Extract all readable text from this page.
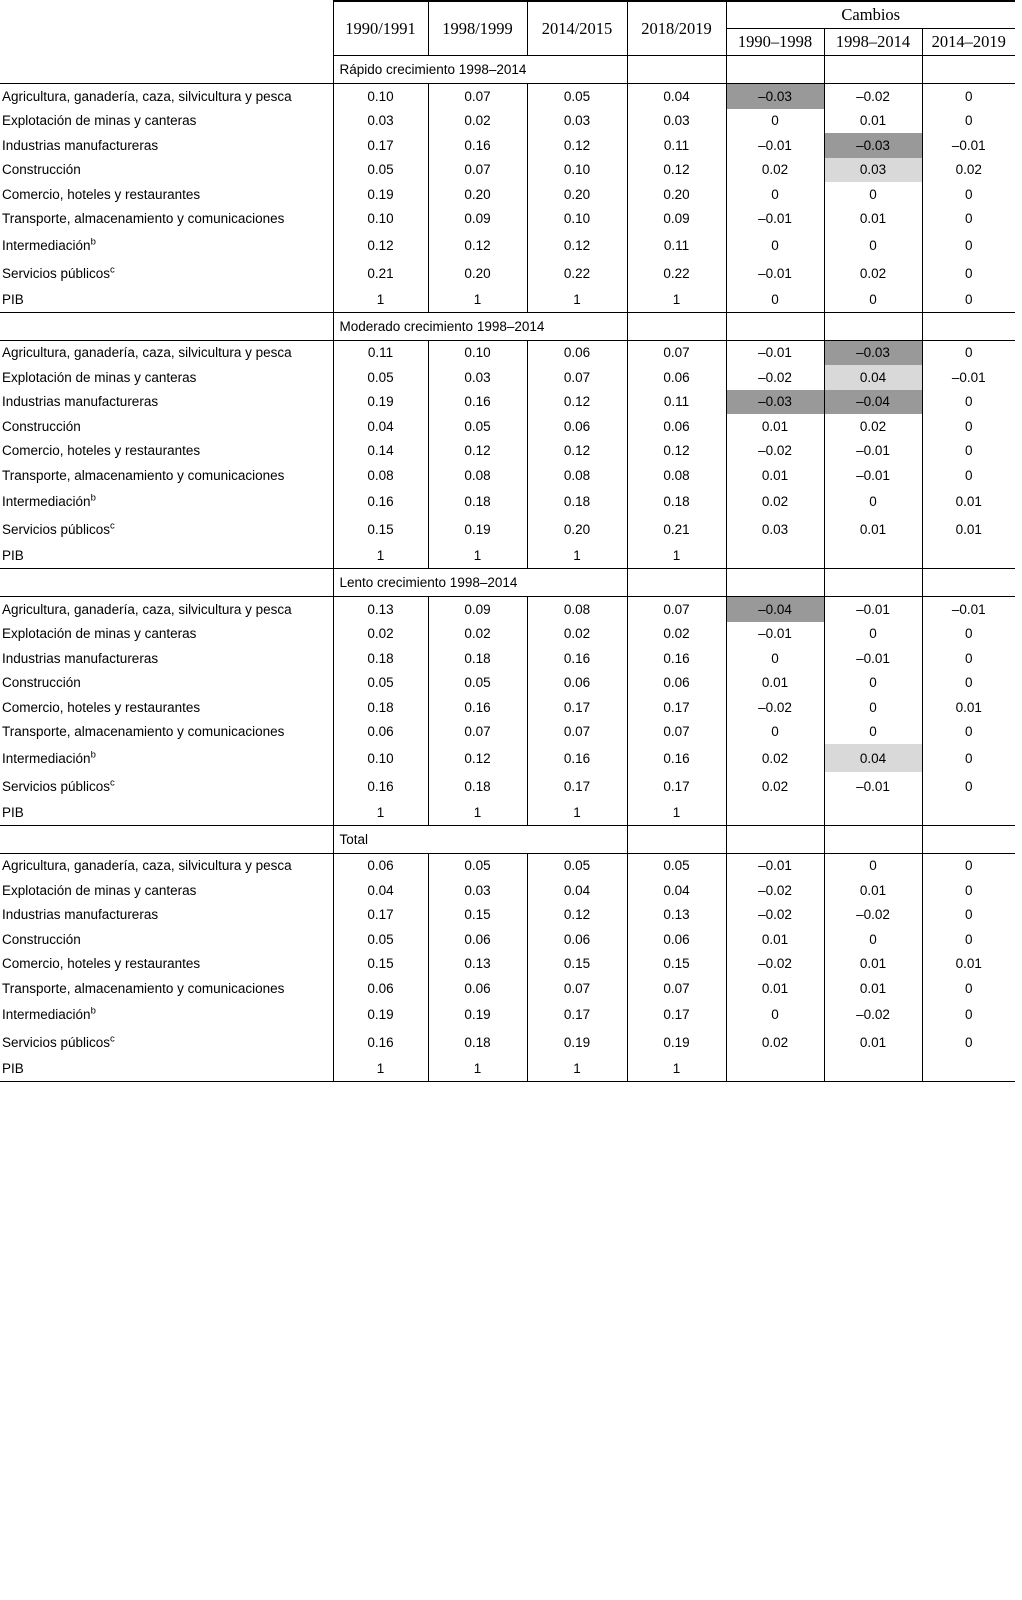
	1990/1991	1998/1999	2014/2015	2018/2019	Cambios		
					1990–1998	1998–2014	2014–2019
	Rápido crecimiento 1998–2014						
Agricultura, ganadería, caza, silvicultura y pesca	0.10	0.07	0.05	0.04	–0.03	–0.02	0
Explotación de minas y canteras	0.03	0.02	0.03	0.03	0	0.01	0
Industrias manufactureras	0.17	0.16	0.12	0.11	–0.01	–0.03	–0.01
Construcción	0.05	0.07	0.10	0.12	0.02	0.03	0.02
Comercio, hoteles y restaurantes	0.19	0.20	0.20	0.20	0	0	0
Transporte, almacenamiento y comunicaciones	0.10	0.09	0.10	0.09	–0.01	0.01	0
Intermediación$^b$	0.12	0.12	0.12	0.11	0	0	0
Servicios públicos$^c$	0.21	0.20	0.22	0.22	–0.01	0.02	0
PIB	1	1	1	1	0	0	0
	Moderado crecimiento 1998–2014						
Agricultura, ganadería, caza, silvicultura y pesca	0.11	0.10	0.06	0.07	–0.01	–0.03	0
Explotación de minas y canteras	0.05	0.03	0.07	0.06	–0.02	0.04	–0.01
Industrias manufactureras	0.19	0.16	0.12	0.11	–0.03	–0.04	0
Construcción	0.04	0.05	0.06	0.06	0.01	0.02	0
Comercio, hoteles y restaurantes	0.14	0.12	0.12	0.12	–0.02	–0.01	0
Transporte, almacenamiento y comunicaciones	0.08	0.08	0.08	0.08	0.01	–0.01	0
Intermediación$^b$	0.16	0.18	0.18	0.18	0.02	0	0.01
Servicios públicos$^c$	0.15	0.19	0.20	0.21	0.03	0.01	0.01
PIB	1	1	1	1			
	Lento crecimiento 1998–2014						
Agricultura, ganadería, caza, silvicultura y pesca	0.13	0.09	0.08	0.07	–0.04	–0.01	–0.01
Explotación de minas y canteras	0.02	0.02	0.02	0.02	–0.01	0	0
Industrias manufactureras	0.18	0.18	0.16	0.16	0	–0.01	0
Construcción	0.05	0.05	0.06	0.06	0.01	0	0
Comercio, hoteles y restaurantes	0.18	0.16	0.17	0.17	–0.02	0	0.01
Transporte, almacenamiento y comunicaciones	0.06	0.07	0.07	0.07	0	0	0
Intermediación$^b$	0.10	0.12	0.16	0.16	0.02	0.04	0
Servicios públicos$^c$	0.16	0.18	0.17	0.17	0.02	–0.01	0
PIB	1	1	1	1			
	Total						
Agricultura, ganadería, caza, silvicultura y pesca	0.06	0.05	0.05	0.05	–0.01	0	0
Explotación de minas y canteras	0.04	0.03	0.04	0.04	–0.02	0.01	0
Industrias manufactureras	0.17	0.15	0.12	0.13	–0.02	–0.02	0
Construcción	0.05	0.06	0.06	0.06	0.01	0	0
Comercio, hoteles y restaurantes	0.15	0.13	0.15	0.15	–0.02	0.01	0.01
Transporte, almacenamiento y comunicaciones	0.06	0.06	0.07	0.07	0.01	0.01	0
Intermediación$^b$	0.19	0.19	0.17	0.17	0	–0.02	0
Servicios públicos$^c$	0.16	0.18	0.19	0.19	0.02	0.01	0
PIB	1	1	1	1			
